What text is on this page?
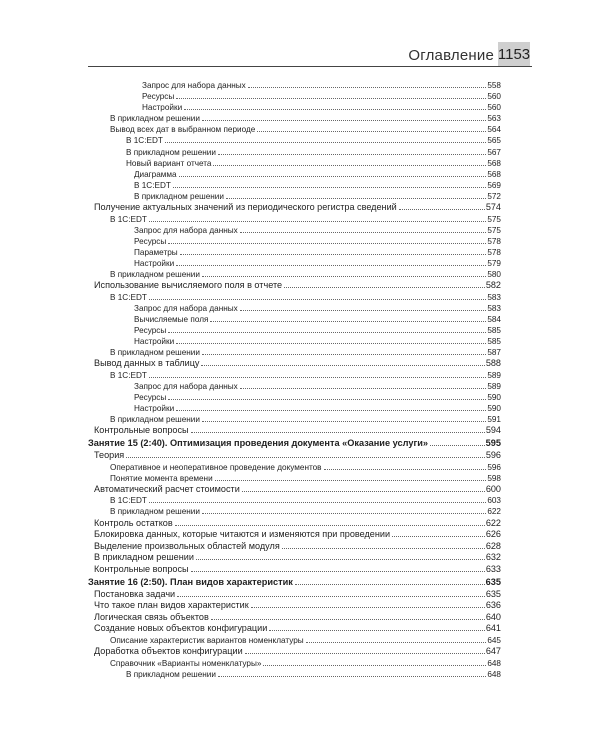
Оглавление 1153
Запрос для набора данных	558
Ресурсы	560
Настройки	560
В прикладном решении	563
Вывод всех дат в выбранном периоде	564
В 1C:EDT	565
В прикладном решении	567
Новый вариант отчета	568
Диаграмма	568
В 1C:EDT	569
В прикладном решении	572
Получение актуальных значений из периодического регистра сведений	574
В 1C:EDT	575
Запрос для набора данных	575
Ресурсы	578
Параметры	578
Настройки	579
В прикладном решении	580
Использование вычисляемого поля в отчете	582
В 1C:EDT	583
Запрос для набора данных	583
Вычисляемые поля	584
Ресурсы	585
Настройки	585
В прикладном решении	587
Вывод данных в таблицу	588
В 1C:EDT	589
Запрос для набора данных	589
Ресурсы	590
Настройки	590
В прикладном решении	591
Контрольные вопросы	594
Занятие 15 (2:40). Оптимизация проведения документа «Оказание услуги»	595
Теория	596
Оперативное и неоперативное проведение документов	596
Понятие момента времени	598
Автоматический расчет стоимости	600
В 1C:EDT	603
В прикладном решении	622
Контроль остатков	622
Блокировка данных, которые читаются и изменяются при проведении	626
Выделение произвольных областей модуля	628
В прикладном решении	632
Контрольные вопросы	633
Занятие 16 (2:50). План видов характеристик	635
Постановка задачи	635
Что такое план видов характеристик	636
Логическая связь объектов	640
Создание новых объектов конфигурации	641
Описание характеристик вариантов номенклатуры	645
Доработка объектов конфигурации	647
Справочник «Варианты номенклатуры»	648
В прикладном решении	648
